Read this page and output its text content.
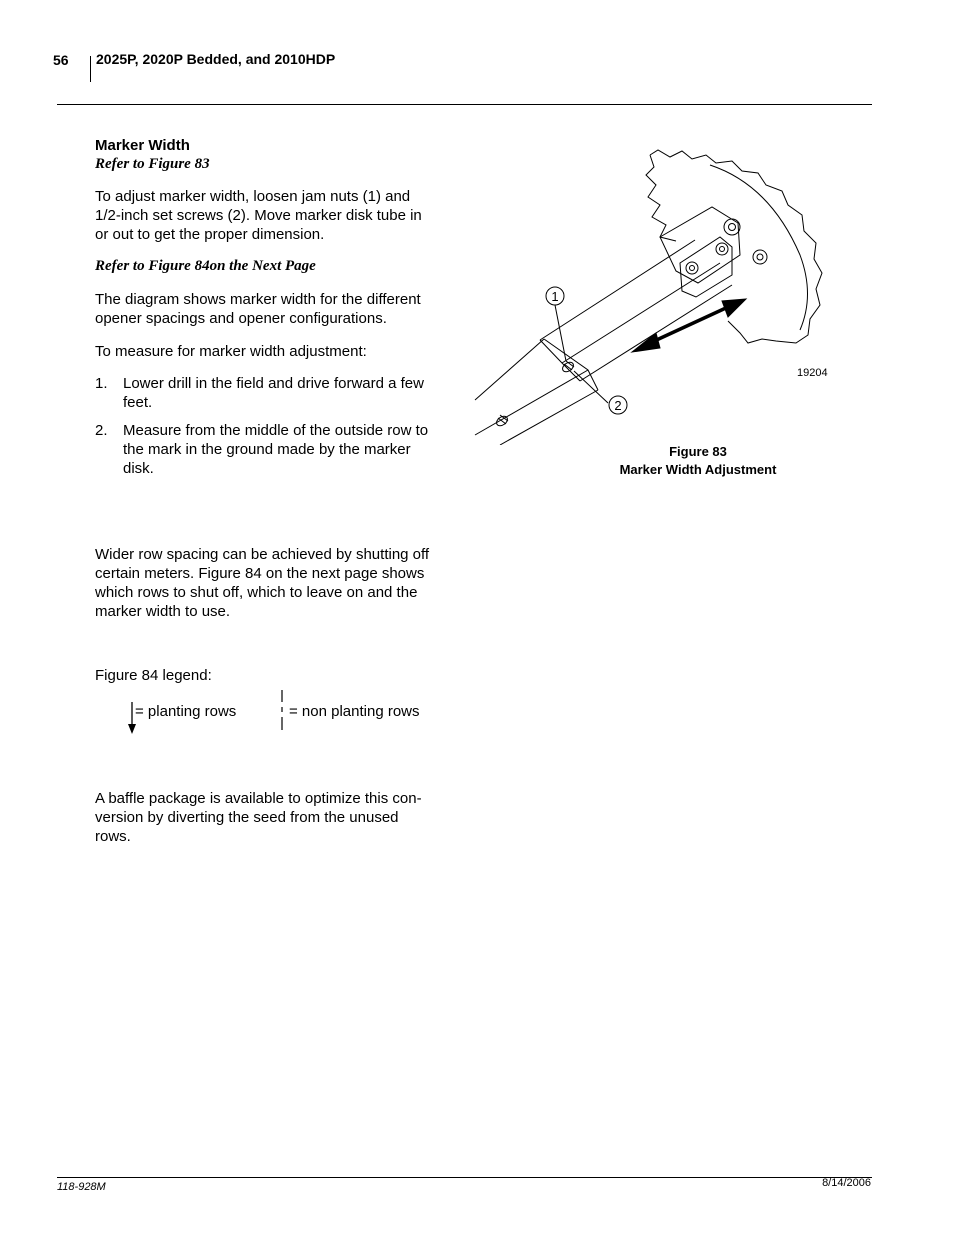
56 2025P, 2020P Bedded, and 2010HDP

Marker Width

Refer to Figure 83

To adjust marker width, loosen jam nuts (1) and 1/2-inch set screws (2). Move marker disk tube in or out to get the proper dimension.

Refer to Figure 84on the Next Page

The diagram shows marker width for the different opener spacings and opener configurations.

To measure for marker width adjustment:

1. Lower drill in the field and drive forward a few feet.
2. Measure from the middle of the outside row to the mark in the ground made by the marker disk.

Wider row spacing can be achieved by shutting off certain meters. Figure 84 on the next page shows which rows to shut off, which to leave on and the marker width to use.

Figure 84 legend:

= planting rows	= non planting rows

A baffle package is available to optimize this con-version by diverting the seed from the unused rows.

1
2
19204
Figure 83
Marker Width Adjustment
118-928M	8/14/2006
